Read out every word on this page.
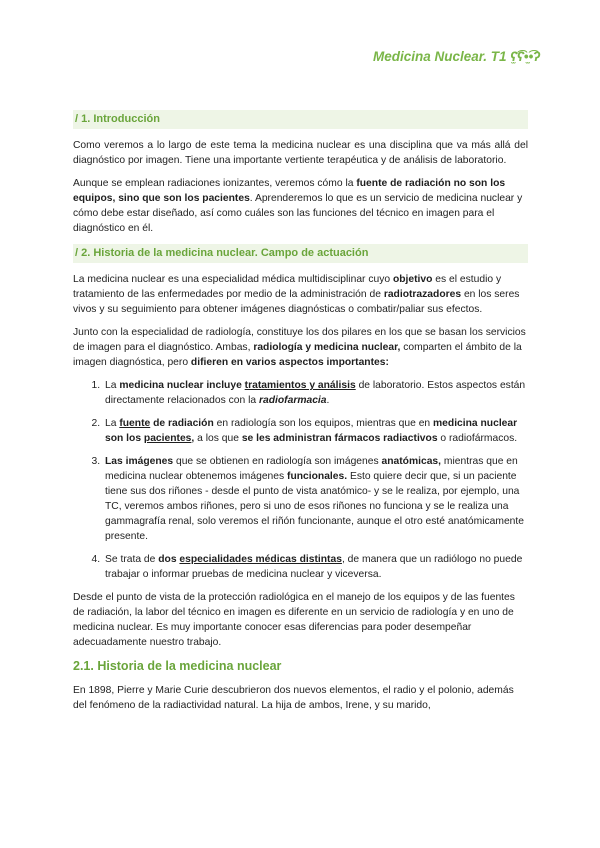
Medicina Nuclear. T1 ʕ̫͡ʕ•̫͡•ʔ
/ 1. Introducción

Como veremos a lo largo de este tema la medicina nuclear es una disciplina que va más allá del diagnóstico por imagen. Tiene una importante vertiente terapéutica y de análisis de laboratorio.

Aunque se emplean radiaciones ionizantes, veremos cómo la fuente de radiación no son los equipos, sino que son los pacientes. Aprenderemos lo que es un servicio de medicina nuclear y cómo debe estar diseñado, así como cuáles son las funciones del técnico en imagen para el diagnóstico en él.

/ 2. Historia de la medicina nuclear. Campo de actuación

La medicina nuclear es una especialidad médica multidisciplinar cuyo objetivo es el estudio y tratamiento de las enfermedades por medio de la administración de radiotrazadores en los seres vivos y su seguimiento para obtener imágenes diagnósticas o combatir/paliar sus efectos.

Junto con la especialidad de radiología, constituye los dos pilares en los que se basan los servicios de imagen para el diagnóstico. Ambas, radiología y medicina nuclear, comparten el ámbito de la imagen diagnóstica, pero difieren en varios aspectos importantes:

1. La medicina nuclear incluye tratamientos y análisis de laboratorio. Estos aspectos están directamente relacionados con la radiofarmacia.
2. La fuente de radiación en radiología son los equipos, mientras que en medicina nuclear son los pacientes, a los que se les administran fármacos radiactivos o radiofármacos.
3. Las imágenes que se obtienen en radiología son imágenes anatómicas, mientras que en medicina nuclear obtenemos imágenes funcionales. Esto quiere decir que, si un paciente tiene sus dos riñones - desde el punto de vista anatómico- y se le realiza, por ejemplo, una TC, veremos ambos riñones, pero si uno de esos riñones no funciona y se le realiza una gammagrafía renal, solo veremos el riñón funcionante, aunque el otro esté anatómicamente presente.
4. Se trata de dos especialidades médicas distintas, de manera que un radiólogo no puede trabajar o informar pruebas de medicina nuclear y viceversa.

Desde el punto de vista de la protección radiológica en el manejo de los equipos y de las fuentes de radiación, la labor del técnico en imagen es diferente en un servicio de radiología y en uno de medicina nuclear. Es muy importante conocer esas diferencias para poder desempeñar adecuadamente nuestro trabajo.

2.1. Historia de la medicina nuclear

En 1898, Pierre y Marie Curie descubrieron dos nuevos elementos, el radio y el polonio, además del fenómeno de la radiactividad natural. La hija de ambos, Irene, y su marido,
